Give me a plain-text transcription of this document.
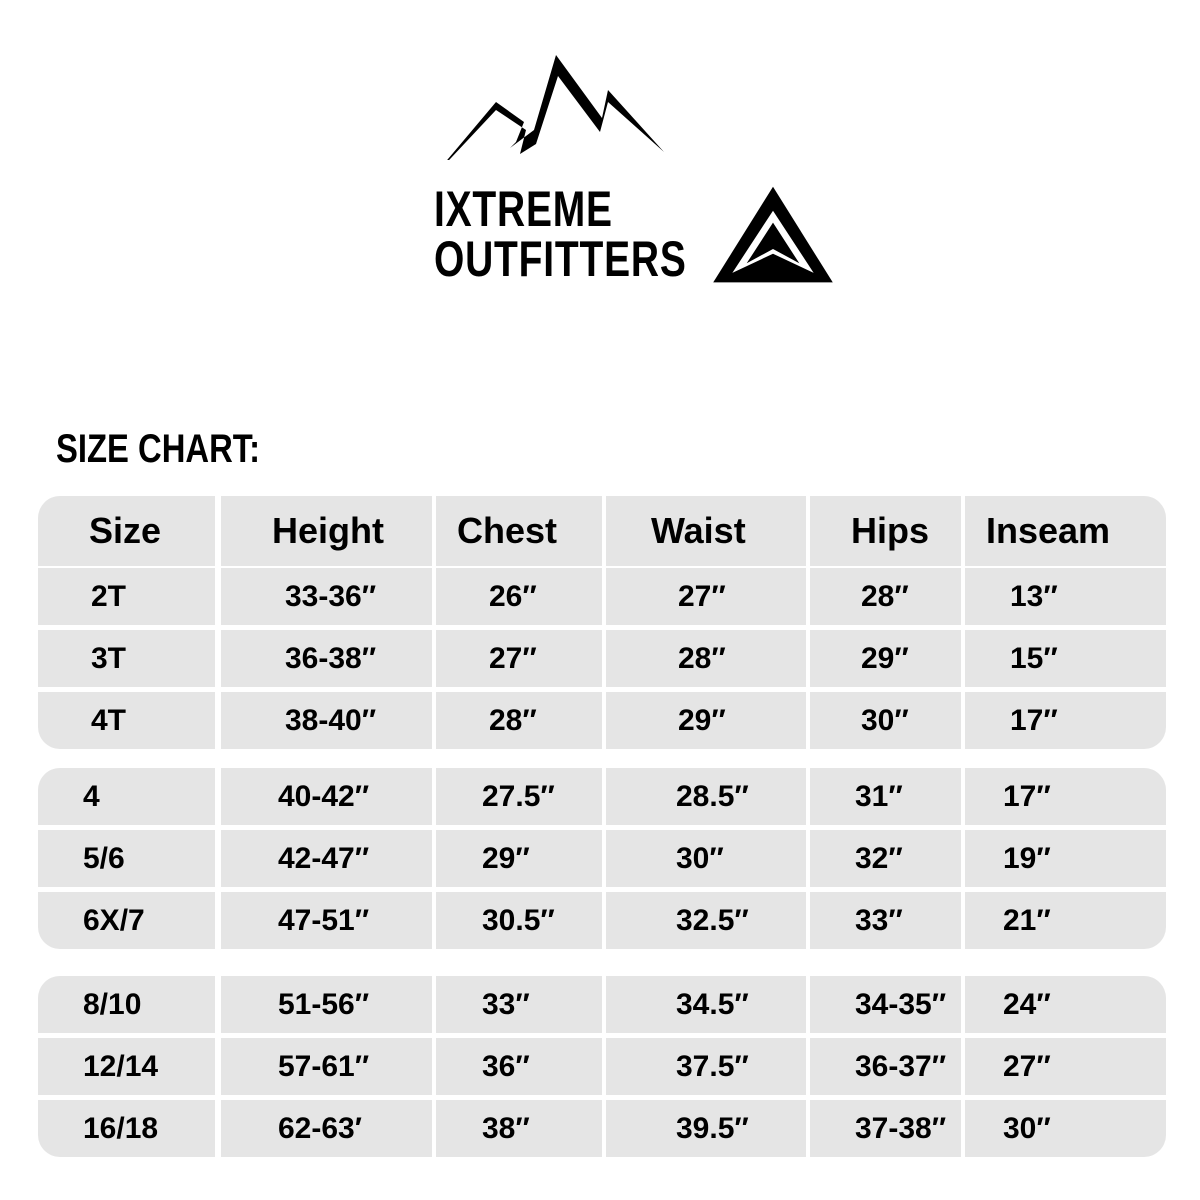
IXTREME
OUTFITTERS
SIZE CHART:
Size	Height	Chest	Waist	Hips	Inseam
2T	33-36″	26″	27″	28″	13″
3T	36-38″	27″	28″	29″	15″
4T	38-40″	28″	29″	30″	17″
4	40-42″	27.5″	28.5″	31″	17″
5/6	42-47″	29″	30″	32″	19″
6X/7	47-51″	30.5″	32.5″	33″	21″
8/10	51-56″	33″	34.5″	34-35″	24″
12/14	57-61″	36″	37.5″	36-37″	27″
16/18	62-63′	38″	39.5″	37-38″	30″
